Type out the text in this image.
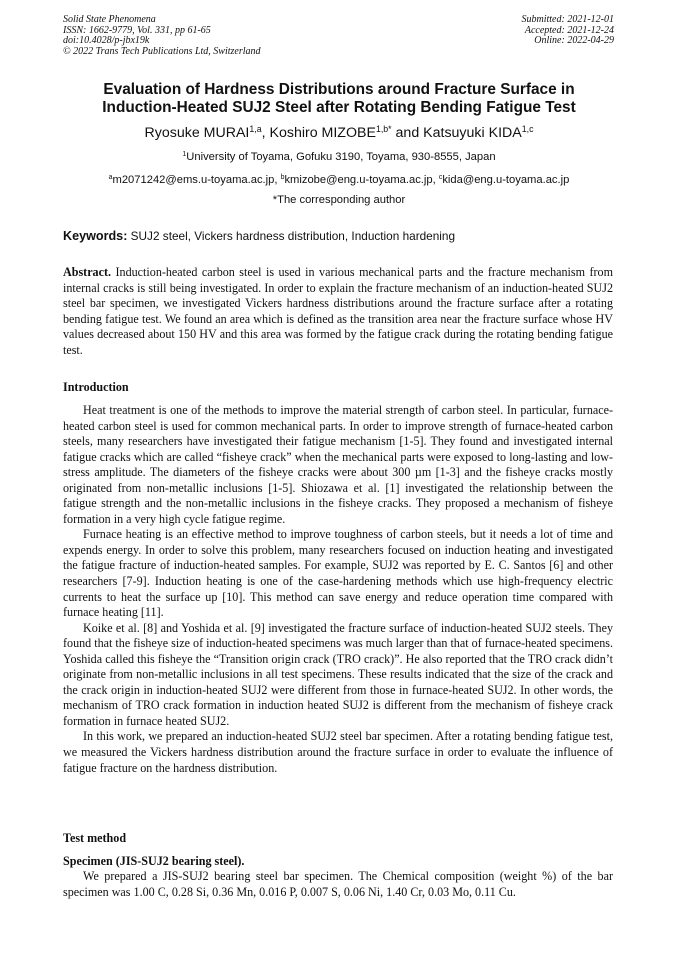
Solid State Phenomena
ISSN: 1662-9779, Vol. 331, pp 61-65
doi:10.4028/p-jbx19k
© 2022 Trans Tech Publications Ltd, Switzerland
Submitted: 2021-12-01
Accepted: 2021-12-24
Online: 2022-04-29
Evaluation of Hardness Distributions around Fracture Surface in
Induction-Heated SUJ2 Steel after Rotating Bending Fatigue Test
Ryosuke MURAI$^{1,a}$, Koshiro $MIZOBE^{1,b*}$ and Katsuyuki KIDA$^{1,c}$
$^1$University of Toyama, Gofuku 3190, Toyama, 930-8555, Japan
$^a$m2071242@ems.u-toyama.ac.jp, $^b$kmizobe@eng.u-toyama.ac.jp, $^c$kida@eng.u-toyama.ac.jp
*The corresponding author
Keywords: SUJ2 steel, Vickers hardness distribution, Induction hardening

Abstract. Induction-heated carbon steel is used in various mechanical parts and the fracture mechanism from internal cracks is still being investigated. In order to explain the fracture mechanism of an induction-heated SUJ2 steel bar specimen, we investigated Vickers hardness distributions around the fracture surface after a rotating bending fatigue test. We found an area which is defined as the transition area near the fracture surface whose HV values decreased about 150 HV and this area was formed by the fatigue crack during the rotating bending fatigue test.

Introduction

Heat treatment is one of the methods to improve the material strength of carbon steel. In particular, furnace-heated carbon steel is used for common mechanical parts. In order to improve strength of furnace-heated carbon steels, many researchers have investigated their fatigue mechanism [1-5]. They found and investigated internal fatigue cracks which are called “fisheye crack” when the mechanical parts were exposed to long-lasting and low-stress amplitude. The diameters of the fisheye cracks were about 300 µm [1-3] and the fisheye cracks mostly originated from non-metallic inclusions [1-5]. Shiozawa et al. [1] investigated the relationship between the fatigue strength and the non-metallic inclusions in the fisheye cracks. They proposed a mechanism of fisheye formation in a very high cycle fatigue regime.

Furnace heating is an effective method to improve toughness of carbon steels, but it needs a lot of time and expends energy. In order to solve this problem, many researchers focused on induction heating and investigated the fatigue fracture of induction-heated samples. For example, SUJ2 was reported by E. C. Santos [6] and other researchers [7-9]. Induction heating is one of the case-hardening methods which use high-frequency electric currents to heat the surface up [10]. This method can save energy and reduce operation time compared with furnace heating [11].

Koike et al. [8] and Yoshida et al. [9] investigated the fracture surface of induction-heated SUJ2 steels. They found that the fisheye size of induction-heated specimens was much larger than that of furnace-heated specimens. Yoshida called this fisheye the “Transition origin crack (TRO crack)”. He also reported that the TRO crack didn’t originate from non-metallic inclusions in all test specimens. These results indicated that the size of the crack and the crack origin in induction-heated SUJ2 were different from those in furnace-heated SUJ2. In other words, the mechanism of TRO crack formation in induction heated SUJ2 is different from the mechanism of fisheye crack formation in furnace heated SUJ2.

In this work, we prepared an induction-heated SUJ2 steel bar specimen. After a rotating bending fatigue test, we measured the Vickers hardness distribution around the fracture surface in order to evaluate the influence of fatigue fracture on the hardness distribution.

Test method
Specimen (JIS-SUJ2 bearing steel).

We prepared a JIS-SUJ2 bearing steel bar specimen. The Chemical composition (weight %) of the bar specimen was 1.00 C, 0.28 Si, 0.36 Mn, 0.016 P, 0.007 S, 0.06 Ni, 1.40 Cr, 0.03 Mo, 0.11 Cu.
